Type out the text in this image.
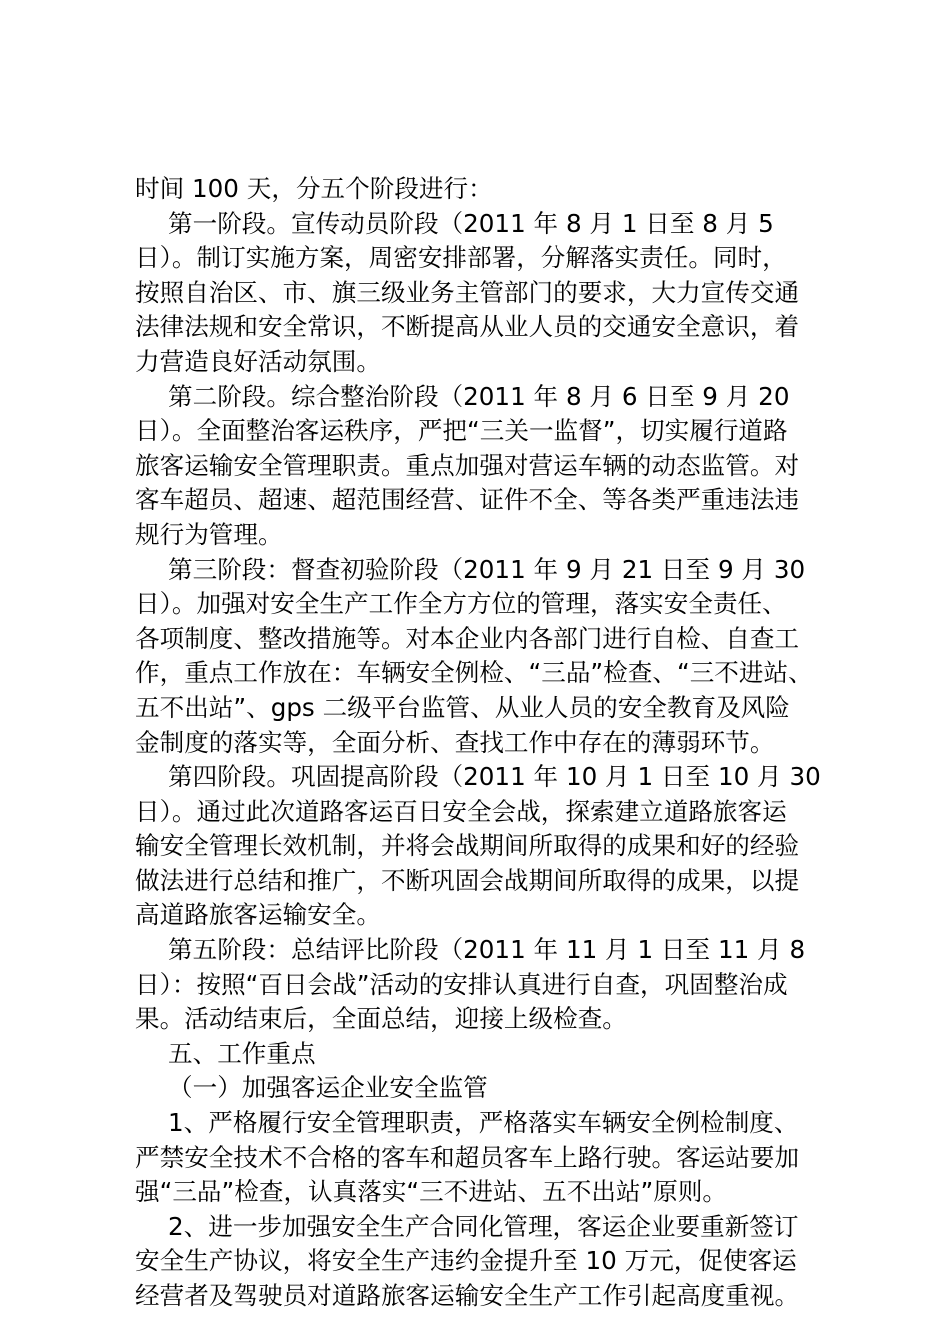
时间 100 天，分五个阶段进行：
第一阶段。宣传动员阶段（2011 年 8 月 1 日至 8 月 5
日）。制订实施方案，周密安排部署，分解落实责任。同时，
按照自治区、市、旗三级业务主管部门的要求，大力宣传交通
法律法规和安全常识，不断提高从业人员的交通安全意识，着
力营造良好活动氛围。
第二阶段。综合整治阶段（2011 年 8 月 6 日至 9 月 20
日）。全面整治客运秩序，严把“三关一监督”，切实履行道路
旅客运输安全管理职责。重点加强对营运车辆的动态监管。对
客车超员、超速、超范围经营、证件不全、等各类严重违法违
规行为管理。
第三阶段：督查初验阶段（2011 年 9 月 21 日至 9 月 30
日）。加强对安全生产工作全方方位的管理，落实安全责任、
各项制度、整改措施等。对本企业内各部门进行自检、自查工
作，重点工作放在：车辆安全例检、“三品”检查、“三不进站、
五不出站”、gps 二级平台监管、从业人员的安全教育及风险
金制度的落实等，全面分析、查找工作中存在的薄弱环节。
第四阶段。巩固提高阶段（2011 年 10 月 1 日至 10 月 30
日）。通过此次道路客运百日安全会战，探索建立道路旅客运
输安全管理长效机制，并将会战期间所取得的成果和好的经验
做法进行总结和推广，不断巩固会战期间所取得的成果，以提
高道路旅客运输安全。
第五阶段：总结评比阶段（2011 年 11 月 1 日至 11 月 8
日）：按照“百日会战”活动的安排认真进行自查，巩固整治成
果。活动结束后，全面总结，迎接上级检查。
五、工作重点
（一）加强客运企业安全监管
1、严格履行安全管理职责，严格落实车辆安全例检制度、
严禁安全技术不合格的客车和超员客车上路行驶。客运站要加
强“三品”检查，认真落实“三不进站、五不出站”原则。
2、进一步加强安全生产合同化管理，客运企业要重新签订
安全生产协议，将安全生产违约金提升至 10 万元，促使客运
经营者及驾驶员对道路旅客运输安全生产工作引起高度重视。
